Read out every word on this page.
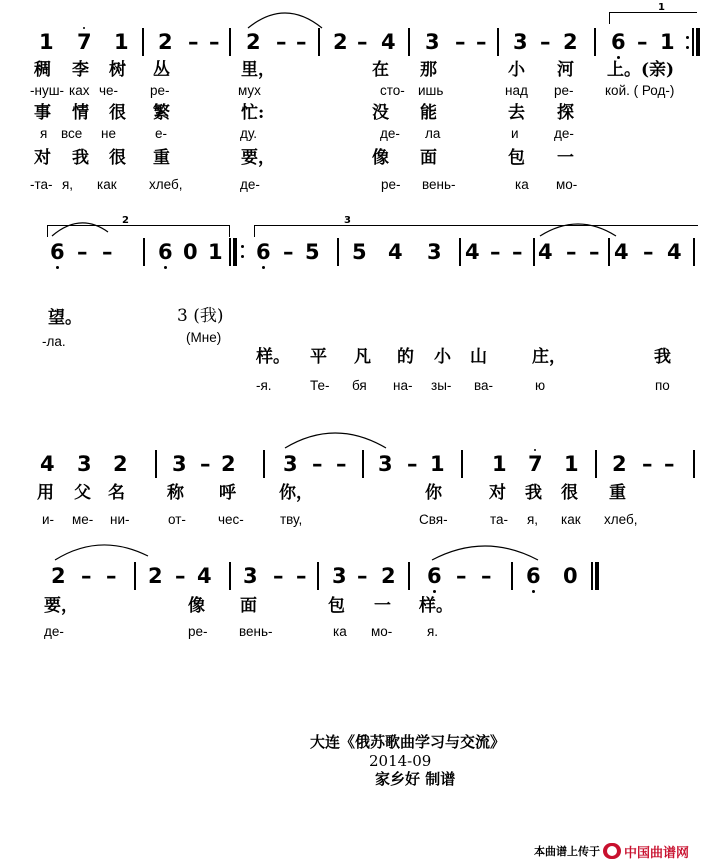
1
1 7 1 2 – – 2 – – 2 – 4 3 – – 3 – 2 6 – 1
稠 李 树 丛	里，	在 那	小 河 上。(亲)
-нуш- ках че- ре-	мух	сто- ишь	над ре- кой. ( Род-)
事 情 很 繁	忙:	没 能	去 探
я все не	е-	ду.	де- ла	и	де-
对 我 很 重	要，	像 面	包 一
-та- я, как хлеб,	де-	ре- вень-	ка мо-
2	3
6 – – 6 0 1 6 – 5 5 4 3 4 – – 4 – – 4 – 4
望。
-ла.
3 (我)
(Мне)
样。 平 凡 的 小 山	庄，	我
-я.	Те- бя на- зы- ва-	ю	по
4 3 2 3 – 2 3 – – 3 – 1 1 7 1 2 – –
用 父 名 称 呼	你，	你	对 我 很 重
и- ме- ни-	от- чес-	тву,	Свя-	та- я, как хлеб,
2 – – 2 – 4 3 – – 3 – 2 6 – – 6 0
要，	像 面	包 一 样。
де-	ре- вень-	ка мо-	я.
大连《俄苏歌曲学习与交流》
2014-09
家乡好 制谱
本曲谱上传于 中国曲谱网
